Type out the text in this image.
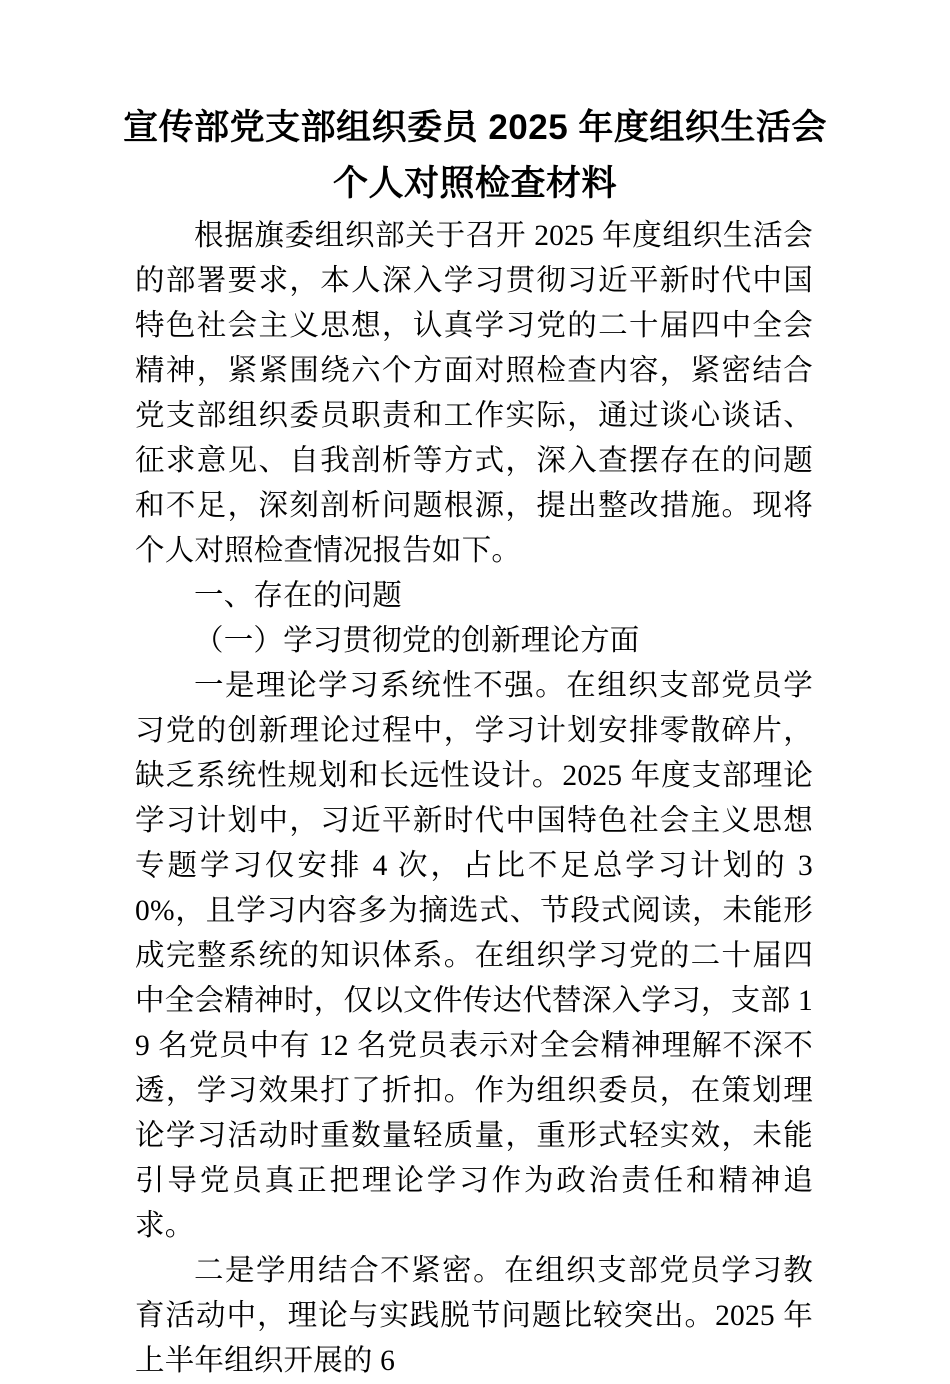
宣传部党支部组织委员 2025 年度组织生活会个人对照检查材料

根据旗委组织部关于召开 2025 年度组织生活会的部署要求，本人深入学习贯彻习近平新时代中国特色社会主义思想，认真学习党的二十届四中全会精神，紧紧围绕六个方面对照检查内容，紧密结合党支部组织委员职责和工作实际，通过谈心谈话、征求意见、自我剖析等方式，深入查摆存在的问题和不足，深刻剖析问题根源，提出整改措施。现将个人对照检查情况报告如下。

一、存在的问题

（一）学习贯彻党的创新理论方面

一是理论学习系统性不强。在组织支部党员学习党的创新理论过程中，学习计划安排零散碎片，缺乏系统性规划和长远性设计。2025 年度支部理论学习计划中，习近平新时代中国特色社会主义思想专题学习仅安排 4 次，占比不足总学习计划的 30%，且学习内容多为摘选式、节段式阅读，未能形成完整系统的知识体系。在组织学习党的二十届四中全会精神时，仅以文件传达代替深入学习，支部 19 名党员中有 12 名党员表示对全会精神理解不深不透，学习效果打了折扣。作为组织委员，在策划理论学习活动时重数量轻质量，重形式轻实效，未能引导党员真正把理论学习作为政治责任和精神追求。

二是学用结合不紧密。在组织支部党员学习教育活动中，理论与实践脱节问题比较突出。2025 年上半年组织开展的 6
